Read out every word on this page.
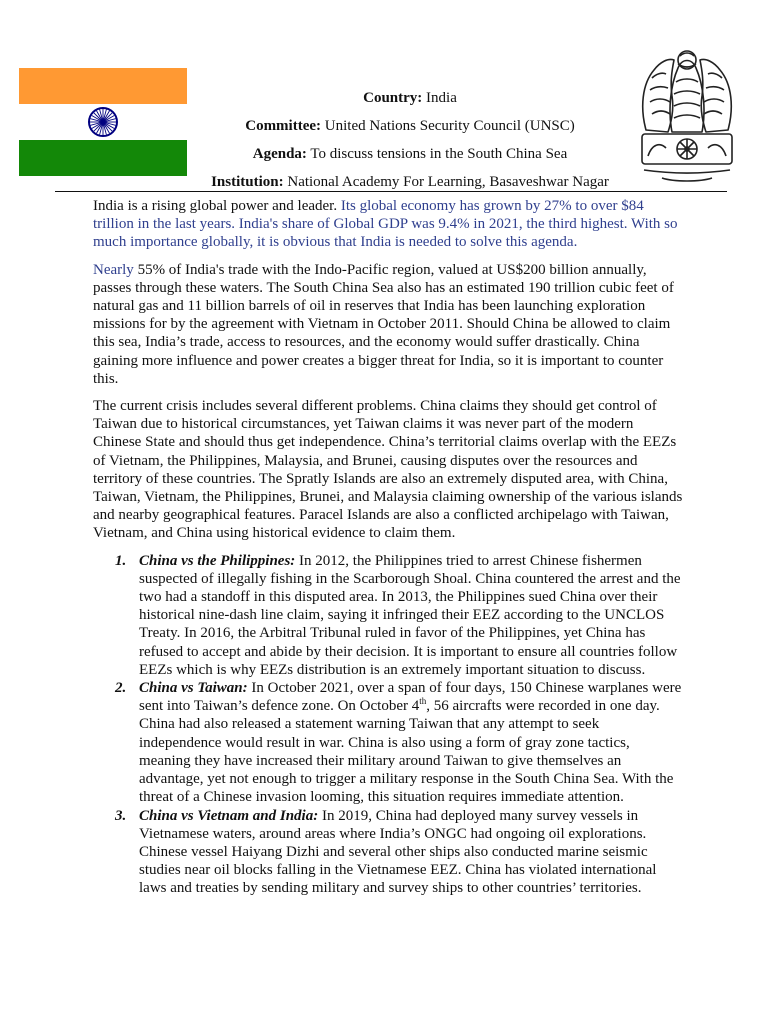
Country: India
Committee: United Nations Security Council (UNSC)
Agenda: To discuss tensions in the South China Sea
Institution: National Academy For Learning, Basaveshwar Nagar

India is a rising global power and leader. Its global economy has grown by 27% to over $84 trillion in the last years. India's share of Global GDP was 9.4% in 2021, the third highest. With so much importance globally, it is obvious that India is needed to solve this agenda.

Nearly 55% of India's trade with the Indo-Pacific region, valued at US$200 billion annually, passes through these waters. The South China Sea also has an estimated 190 trillion cubic feet of natural gas and 11 billion barrels of oil in reserves that India has been launching exploration missions for by the agreement with Vietnam in October 2011. Should China be allowed to claim this sea, India’s trade, access to resources, and the economy would suffer drastically. China gaining more influence and power creates a bigger threat for India, so it is important to counter this.

The current crisis includes several different problems. China claims they should get control of Taiwan due to historical circumstances, yet Taiwan claims it was never part of the modern Chinese State and should thus get independence. China’s territorial claims overlap with the EEZs of Vietnam, the Philippines, Malaysia, and Brunei, causing disputes over the resources and territory of these countries. The Spratly Islands are also an extremely disputed area, with China, Taiwan, Vietnam, the Philippines, Brunei, and Malaysia claiming ownership of the various islands and nearby geographical features. Paracel Islands are also a conflicted archipelago with Taiwan, Vietnam, and China using historical evidence to claim them.

1. China vs the Philippines: In 2012, the Philippines tried to arrest Chinese fishermen suspected of illegally fishing in the Scarborough Shoal. China countered the arrest and the two had a standoff in this disputed area. In 2013, the Philippines sued China over their historical nine-dash line claim, saying it infringed their EEZ according to the UNCLOS Treaty. In 2016, the Arbitral Tribunal ruled in favor of the Philippines, yet China has refused to accept and abide by their decision. It is important to ensure all countries follow EEZs which is why EEZs distribution is an extremely important situation to discuss.
2. China vs Taiwan: In October 2021, over a span of four days, 150 Chinese warplanes were sent into Taiwan’s defence zone. On October 4th, 56 aircrafts were recorded in one day. China had also released a statement warning Taiwan that any attempt to seek independence would result in war. China is also using a form of gray zone tactics, meaning they have increased their military around Taiwan to give themselves an advantage, yet not enough to trigger a military response in the South China Sea. With the threat of a Chinese invasion looming, this situation requires immediate attention.
3. China vs Vietnam and India: In 2019, China had deployed many survey vessels in Vietnamese waters, around areas where India’s ONGC had ongoing oil explorations. Chinese vessel Haiyang Dizhi and several other ships also conducted marine seismic studies near oil blocks falling in the Vietnamese EEZ. China has violated international laws and treaties by sending military and survey ships to other countries’ territories.
